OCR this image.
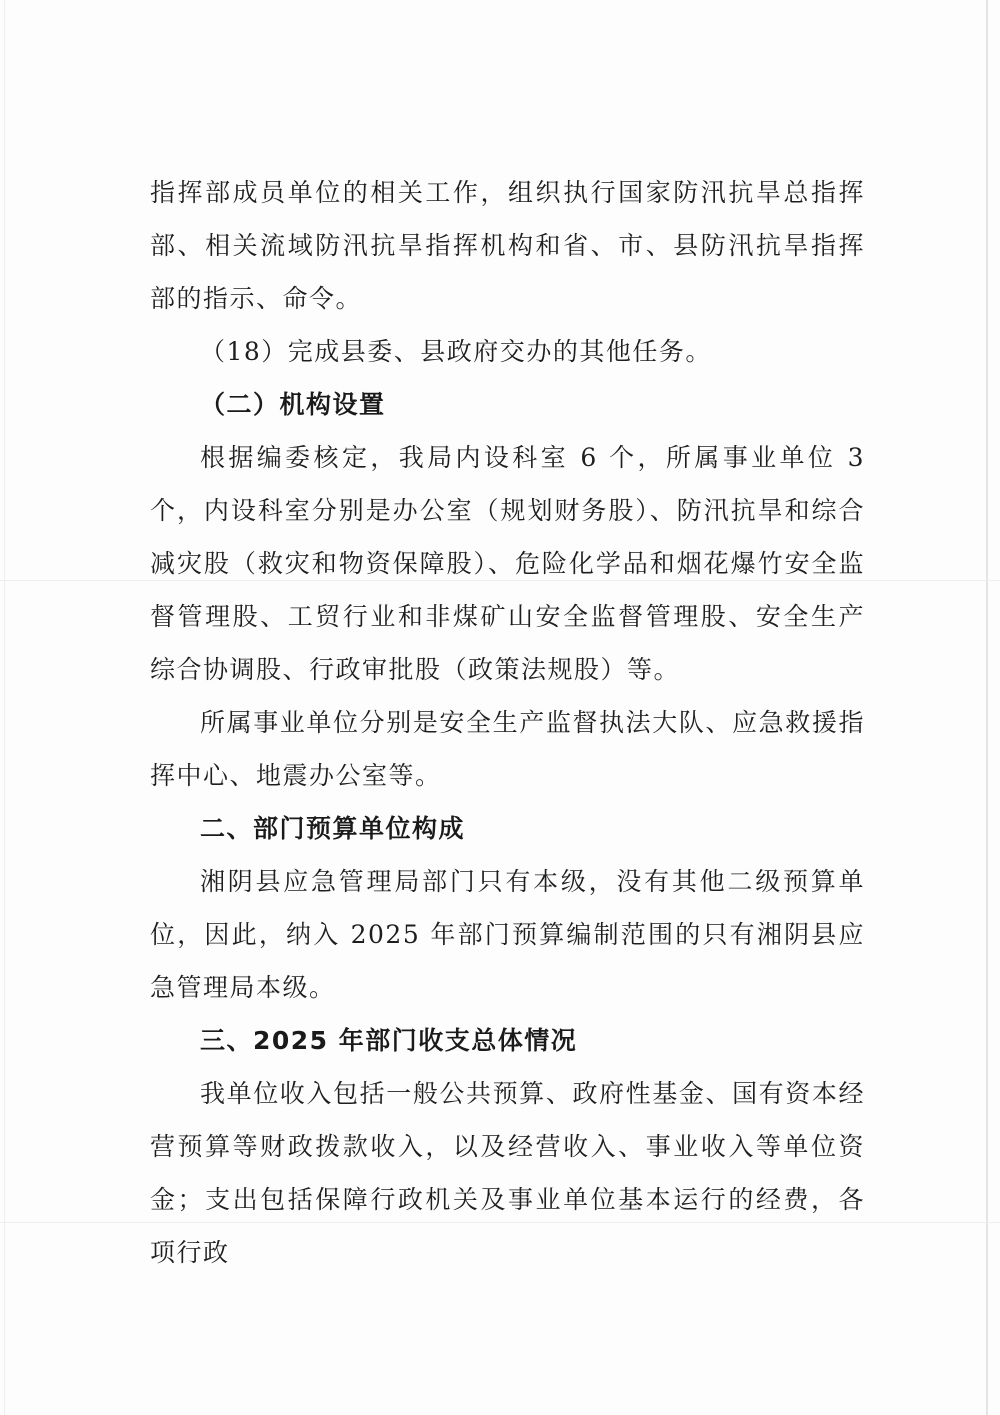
指挥部成员单位的相关工作，组织执行国家防汛抗旱总指挥部、相关流域防汛抗旱指挥机构和省、市、县防汛抗旱指挥部的指示、命令。

（18）完成县委、县政府交办的其他任务。

（二）机构设置

根据编委核定，我局内设科室 6 个，所属事业单位 3 个，内设科室分别是办公室（规划财务股）、防汛抗旱和综合减灾股（救灾和物资保障股）、危险化学品和烟花爆竹安全监督管理股、工贸行业和非煤矿山安全监督管理股、安全生产综合协调股、行政审批股（政策法规股）等。

所属事业单位分别是安全生产监督执法大队、应急救援指挥中心、地震办公室等。

二、部门预算单位构成

湘阴县应急管理局部门只有本级，没有其他二级预算单位，因此，纳入 2025 年部门预算编制范围的只有湘阴县应急管理局本级。

三、2025 年部门收支总体情况

我单位收入包括一般公共预算、政府性基金、国有资本经营预算等财政拨款收入，以及经营收入、事业收入等单位资金；支出包括保障行政机关及事业单位基本运行的经费，各项行政
